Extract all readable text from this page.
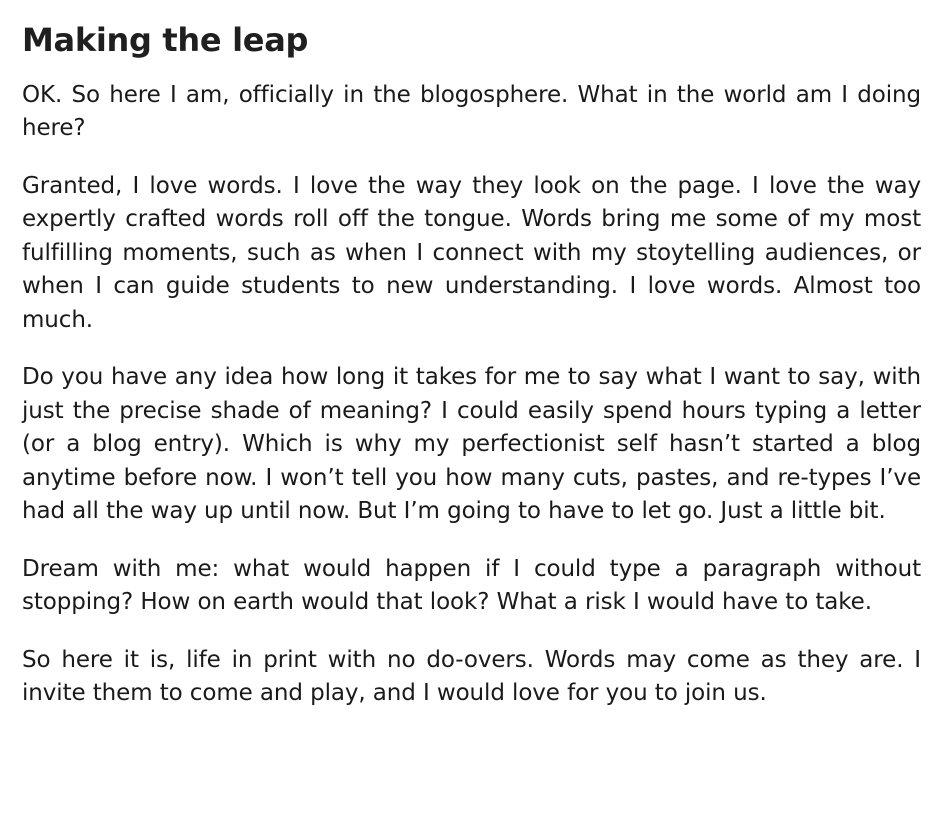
Making the leap

OK. So here I am, officially in the blogosphere. What in the world am I doing here?

Granted, I love words. I love the way they look on the page. I love the way expertly crafted words roll off the tongue. Words bring me some of my most fulfilling moments, such as when I connect with my stoytelling audiences, or when I can guide students to new understanding. I love words. Almost too much.

Do you have any idea how long it takes for me to say what I want to say, with just the precise shade of meaning? I could easily spend hours typing a letter (or a blog entry). Which is why my perfectionist self hasn’t started a blog anytime before now. I won’t tell you how many cuts, pastes, and re-types I’ve had all the way up until now. But I’m going to have to let go. Just a little bit.

Dream with me: what would happen if I could type a paragraph without stopping? How on earth would that look? What a risk I would have to take.

So here it is, life in print with no do-overs. Words may come as they are. I invite them to come and play, and I would love for you to join us.
